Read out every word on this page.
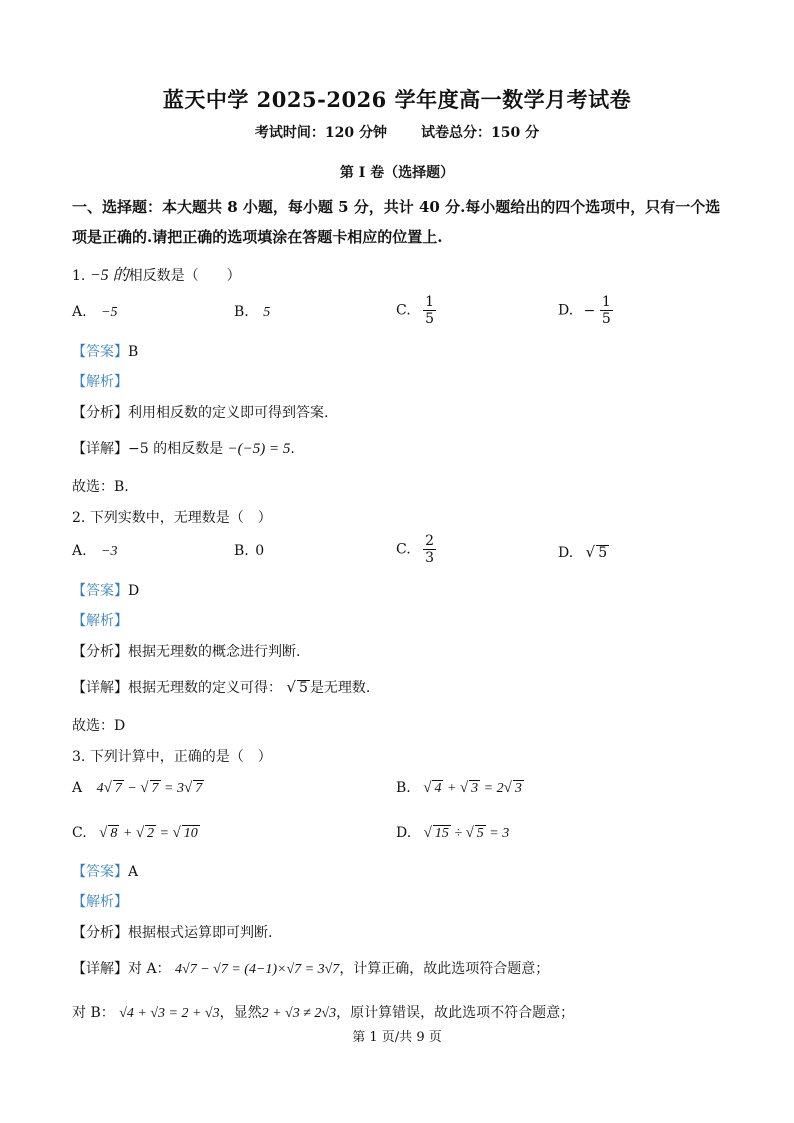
蓝天中学 2025-2026 学年度高一数学月考试卷
考试时间：120 分钟 试卷总分：150 分
第 I 卷（选择题）
一、选择题：本大题共 8 小题，每小题 5 分，共计 40 分.每小题给出的四个选项中，只有一个选项是正确的.请把正确的选项填涂在答题卡相应的位置上.
1. −5 的相反数是（　　）
A. −5	B. 5	C. $\frac{1}{5}$	D. − $\frac{1}{5}$
【答案】B
【解析】
【分析】利用相反数的定义即可得到答案.
【详解】−5 的相反数是 −(−5) = 5.
故选：B.
2. 下列实数中，无理数是（　）
A. −3	B. 0	C. $\frac{2}{3}$	D. √ 5
【答案】D
【解析】
【分析】根据无理数的概念进行判断.
【详解】根据无理数的定义可得： √ 5 是无理数.
故选：D
3. 下列计算中，正确的是（　）
A 4√ 7 − √ 7 = 3√ 7	B. √ 4 + √ 3 = 2√ 3
C. √ 8 + √ 2 = √ 10	D. √ 15 ÷ √ 5 = 3
【答案】A
【解析】
【分析】根据根式运算即可判断.
【详解】对 A： 4√7 − √7 = (4−1)×√7 = 3√7，计算正确，故此选项符合题意；
对 B： √4 + √3 = 2 + √3，显然2 + √3 ≠ 2√3，原计算错误，故此选项不符合题意；
第 1 页/共 9 页
